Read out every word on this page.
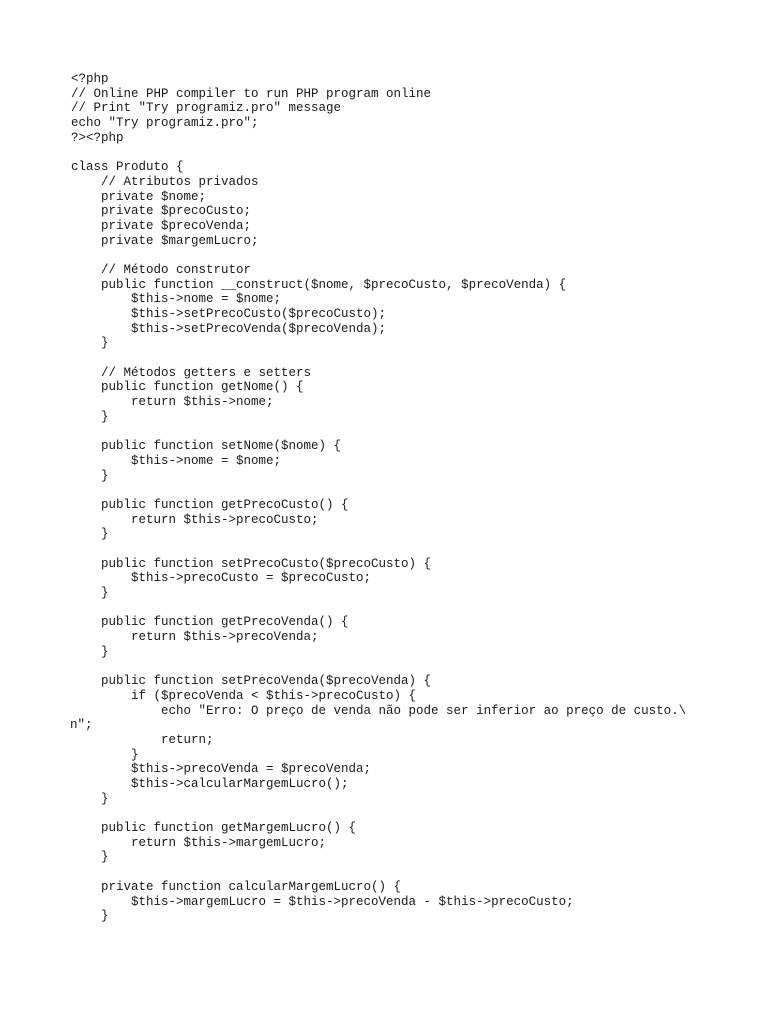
<?php
// Online PHP compiler to run PHP program online
// Print "Try programiz.pro" message
echo "Try programiz.pro";
?><?php
class Produto {
// Atributos privados
private $nome;
private $precoCusto;
private $precoVenda;
private $margemLucro;
// Método construtor
public function __construct($nome, $precoCusto, $precoVenda) {
$this->nome = $nome;
$this->setPrecoCusto($precoCusto);
$this->setPrecoVenda($precoVenda);
}
// Métodos getters e setters
public function getNome() {
return $this->nome;
}
public function setNome($nome) {
$this->nome = $nome;
}
public function getPrecoCusto() {
return $this->precoCusto;
}
public function setPrecoCusto($precoCusto) {
$this->precoCusto = $precoCusto;
}
public function getPrecoVenda() {
return $this->precoVenda;
}
public function setPrecoVenda($precoVenda) {
if ($precoVenda < $this->precoCusto) {
echo "Erro: O preço de venda não pode ser inferior ao preço de custo.\
n";
return;
}
$this->precoVenda = $precoVenda;
$this->calcularMargemLucro();
}
public function getMargemLucro() {
return $this->margemLucro;
}
private function calcularMargemLucro() {
$this->margemLucro = $this->precoVenda - $this->precoCusto;
}
